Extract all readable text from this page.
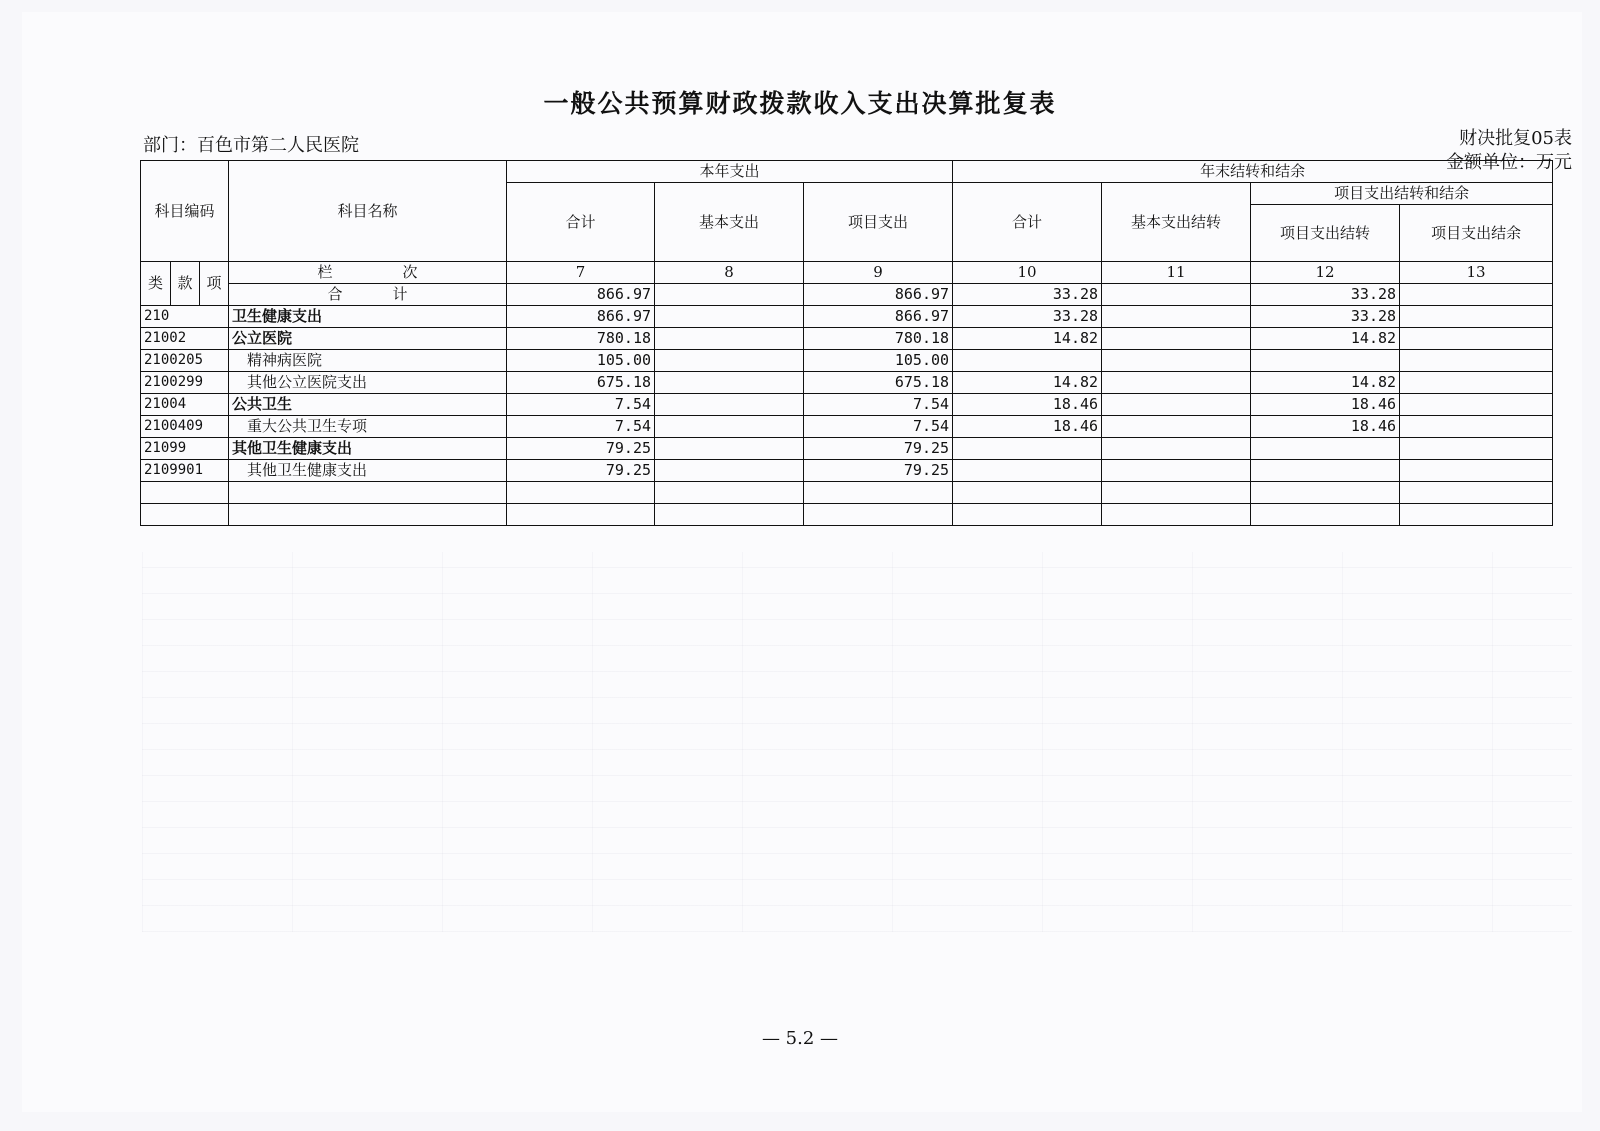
一般公共预算财政拨款收入支出决算批复表
部门：百色市第二人民医院	财决批复05表
金额单位：万元
科目编码			科目名称	本年支出			年末结转和结余			
				合计	基本支出	项目支出	合计	基本支出结转	项目支出结转和结余	
									项目支出结转	项目支出结余
类	款	项	栏 次	7	8	9	10	11	12	13
			合 计	866.97		866.97	33.28		33.28	
210			卫生健康支出	866.97		866.97	33.28		33.28	
21002			公立医院	780.18		780.18	14.82		14.82	
2100205			精神病医院	105.00		105.00				
2100299			其他公立医院支出	675.18		675.18	14.82		14.82	
21004			公共卫生	7.54		7.54	18.46		18.46	
2100409			重大公共卫生专项	7.54		7.54	18.46		18.46	
21099			其他卫生健康支出	79.25		79.25				
2109901			其他卫生健康支出	79.25		79.25				

— 5.2 —
